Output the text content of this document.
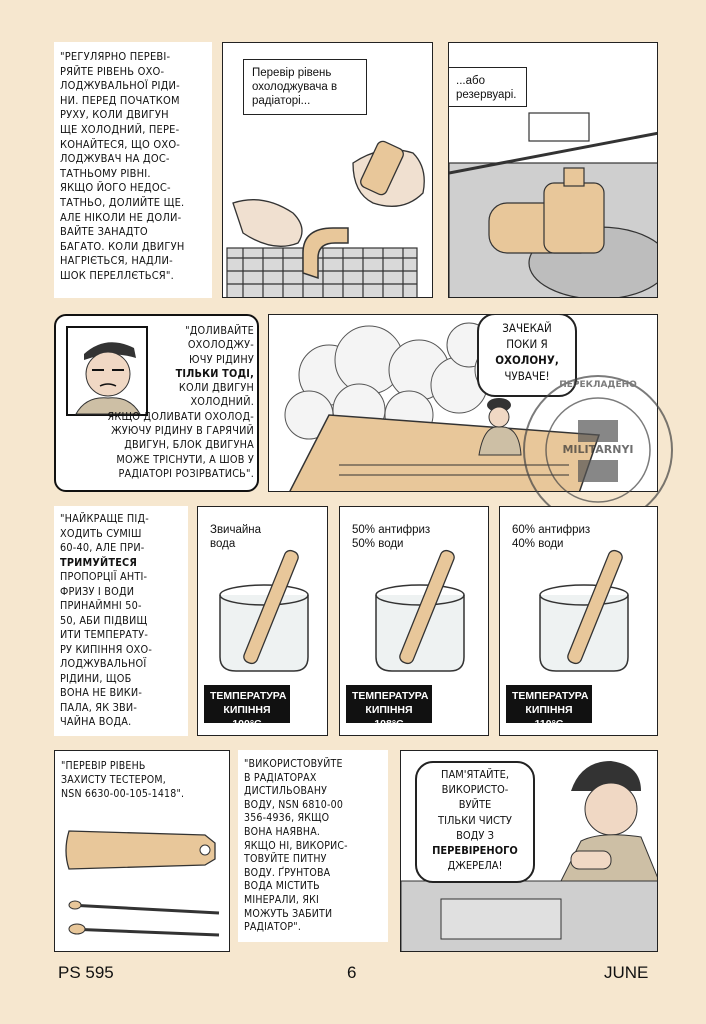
"РЕГУЛЯРНО ПЕРЕВI-
РЯЙТЕ РIВЕНЬ ОХО-
ЛОДЖУВАЛЬНОЇ РIДИ-
НИ. ПЕРЕД ПОЧАТКОМ
РУХУ, КОЛИ ДВИГУН
ЩЕ ХОЛОДНИЙ, ПЕРЕ-
КОНАЙТЕСЯ, ЩО ОХО-
ЛОДЖУВАЧ НА ДОС-
ТАТНЬОМУ РIВНI.
ЯКЩО ЙОГО НЕДОС-
ТАТНЬО, ДОЛИЙТЕ ЩЕ.
АЛЕ НIКОЛИ НЕ ДОЛИ-
ВАЙТЕ ЗАНАДТО
БАГАТО. КОЛИ ДВИГУН
НАГРIЄТЬСЯ, НАДЛИ-
ШОК ПЕРЕЛЛЄТЬСЯ".
Перевiр рiвень
охолоджувача в
радiаторi...
...або
резервуарi.
"ДОЛИВАЙТЕ
ОХОЛОДЖУ-
ЮЧУ РIДИНУ
ТIЛЬКИ ТОДI,
КОЛИ ДВИГУН
ХОЛОДНИЙ.
ЯКЩО ДОЛИВАТИ ОХОЛОД-
ЖУЮЧУ РIДИНУ В ГАРЯЧИЙ
ДВИГУН, БЛОК ДВИГУНА
МОЖЕ ТРIСНУТИ, А ШОВ У
РАДIАТОРI РОЗIРВАТИСЬ".
ЗАЧЕКАЙ
ПОКИ Я
ОХОЛОНУ,
ЧУВАЧЕ!
ПЕРЕКЛАДЕНО
MILITARNYI
"НАЙКРАЩЕ ПIД-
ХОДИТЬ СУМIШ
60-40, АЛЕ ПРИ-
ТРИМУЙТЕСЯ
ПРОПОРЦIЇ АНТI-
ФРИЗУ I ВОДИ
ПРИНАЙМНI 50-
50, АБИ ПIДВИЩ
ИТИ ТЕМПЕРАТУ-
РУ КИПIННЯ ОХО-
ЛОДЖУВАЛЬНОЇ
РIДИНИ, ЩОБ
ВОНА НЕ ВИКИ-
ПАЛА, ЯК ЗВИ-
ЧАЙНА ВОДА.
Звичайна
вода
ТЕМПЕРАТУРА
КИПIННЯ 100°C
50% антифриз
50% води
ТЕМПЕРАТУРА
КИПIННЯ 108°C
60% антифриз
40% води
ТЕМПЕРАТУРА
КИПIННЯ 110°C
"ПЕРЕВIР РIВЕНЬ
ЗАХИСТУ ТЕСТЕРОМ,
NSN 6630-00-105-1418".
"ВИКОРИСТОВУЙТЕ
В РАДIАТОРАХ
ДИСТИЛЬОВАНУ
ВОДУ, NSN 6810-00
356-4936, ЯКЩО
ВОНА НАЯВНА.
ЯКЩО НI, ВИКОРИС-
ТОВУЙТЕ ПИТНУ
ВОДУ. ҐРУНТОВА
ВОДА МIСТИТЬ
МIНЕРАЛИ, ЯКI
МОЖУТЬ ЗАБИТИ
РАДIАТОР".
ПАМ'ЯТАЙТЕ,
ВИКОРИСТО-
ВУЙТЕ
ТIЛЬКИ ЧИСТУ
ВОДУ З
ПЕРЕВIРЕНОГО
ДЖЕРЕЛА!
PS 595	6	JUNE
